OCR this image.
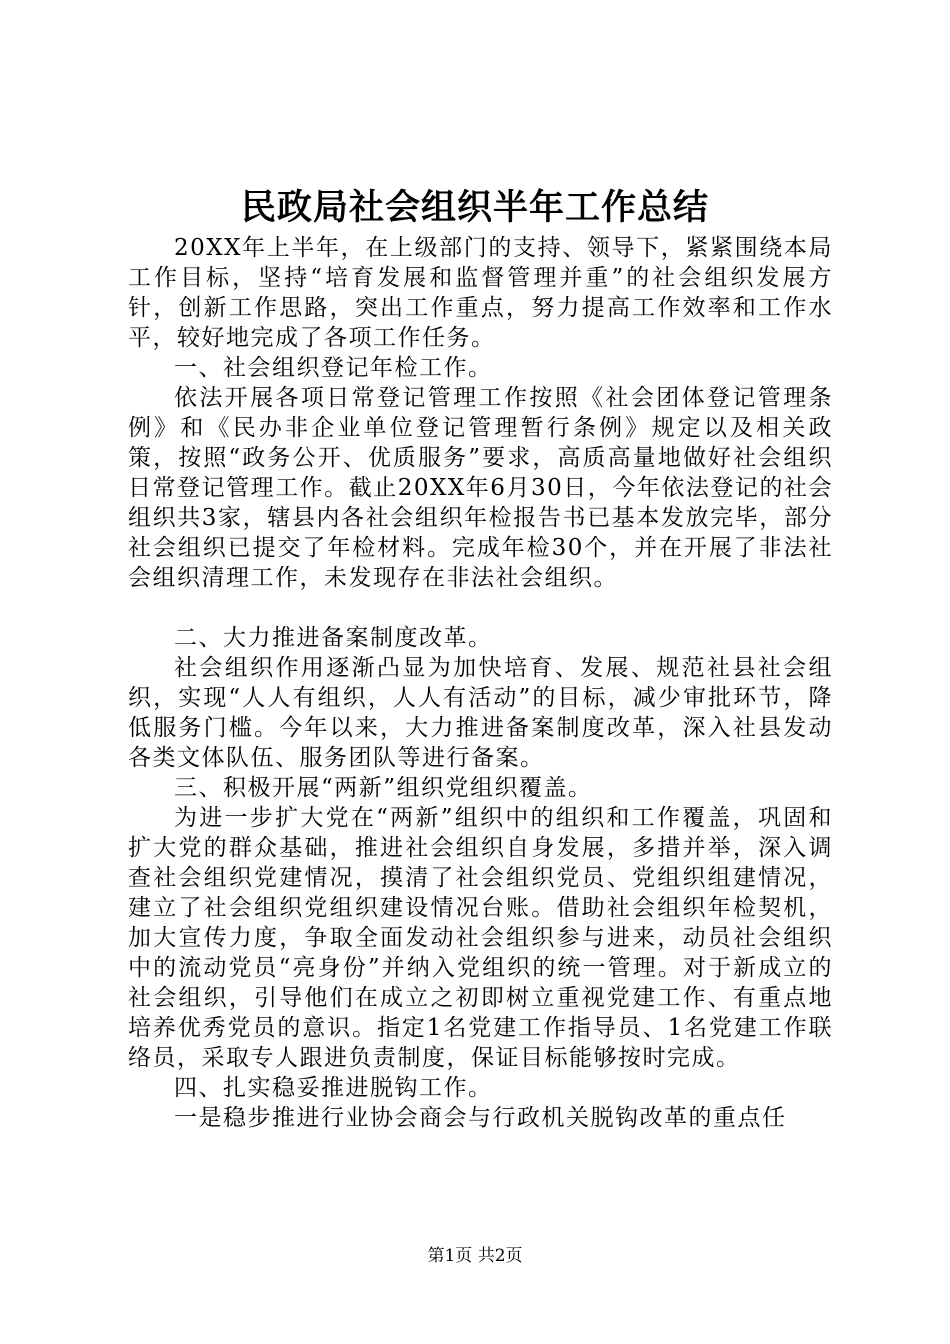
民政局社会组织半年工作总结

20XX年上半年，在上级部门的支持、领导下，紧紧围绕本局工作目标，坚持“培育发展和监督管理并重”的社会组织发展方针，创新工作思路，突出工作重点，努力提高工作效率和工作水平，较好地完成了各项工作任务。

一、社会组织登记年检工作。

依法开展各项日常登记管理工作按照《社会团体登记管理条例》和《民办非企业单位登记管理暂行条例》规定以及相关政策，按照“政务公开、优质服务”要求，高质高量地做好社会组织日常登记管理工作。截止20XX年6月30日，今年依法登记的社会组织共3家，辖县内各社会组织年检报告书已基本发放完毕，部分社会组织已提交了年检材料。完成年检30个，并在开展了非法社会组织清理工作，未发现存在非法社会组织。

二、大力推进备案制度改革。

社会组织作用逐渐凸显为加快培育、发展、规范社县社会组织，实现“人人有组织，人人有活动”的目标，减少审批环节，降低服务门槛。今年以来，大力推进备案制度改革，深入社县发动各类文体队伍、服务团队等进行备案。

三、积极开展“两新”组织党组织覆盖。

为进一步扩大党在“两新”组织中的组织和工作覆盖，巩固和扩大党的群众基础，推进社会组织自身发展，多措并举，深入调查社会组织党建情况，摸清了社会组织党员、党组织组建情况，建立了社会组织党组织建设情况台账。借助社会组织年检契机，加大宣传力度，争取全面发动社会组织参与进来，动员社会组织中的流动党员“亮身份”并纳入党组织的统一管理。对于新成立的社会组织，引导他们在成立之初即树立重视党建工作、有重点地培养优秀党员的意识。指定1名党建工作指导员、1名党建工作联络员，采取专人跟进负责制度，保证目标能够按时完成。

四、扎实稳妥推进脱钩工作。

一是稳步推进行业协会商会与行政机关脱钩改革的重点任

第1页 共2页
